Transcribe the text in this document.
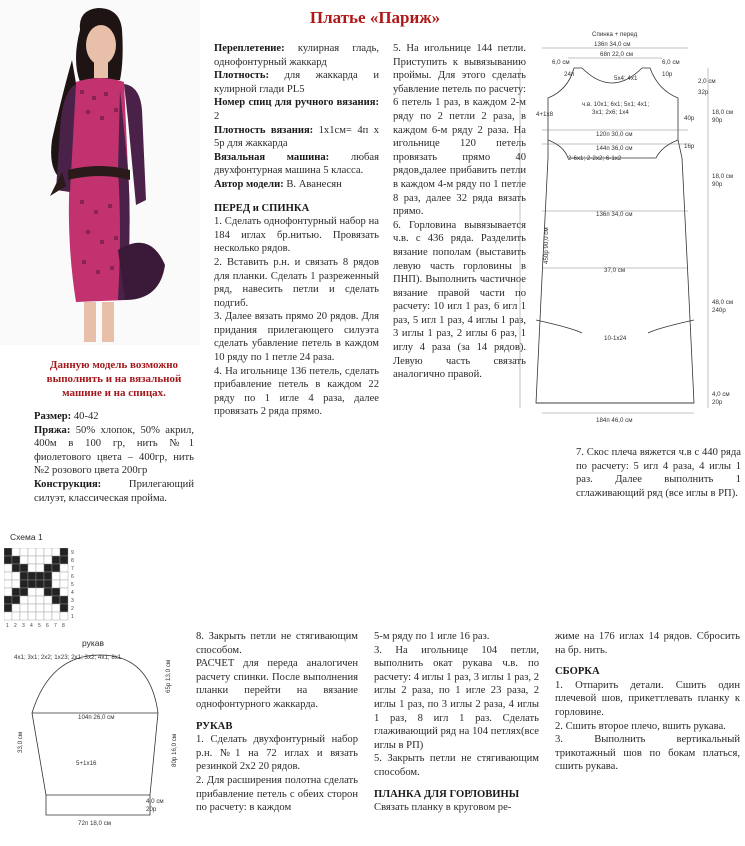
Платье «Париж»

Переплетение: кулирная гладь, однофонтурный жаккард

Плотность: для жаккарда и кулирной глади PL5

Номер спиц для ручного вязания: 2

Плотность вязания: 1х1см= 4п х 5р для жаккарда

Вязальная машина: любая двухфонтурная машина 5 класса.

Автор модели: В. Аванесян

ПЕРЕД и СПИНКА

1. Сделать однофонтурный набор на 184 иглах бр.нитью. Провязать несколько рядов.

2. Вставить р.н. и связать 8 рядов для планки. Сделать 1 разреженный ряд, навесить петли и сделать подгиб.

3. Далее вязать прямо 20 рядов. Для придания прилегающего силуэта сделать убавление петель в каждом 10 ряду по 1 петле 24 раза.

4. На игольнице 136 петель, сделать прибавление петель в каждом 22 ряду по 1 игле 4 раза, далее провязать 2 ряда прямо.

5. На игольнице 144 петли. Приступить к вывязыванию проймы. Для этого сделать убавление петель по расчету: 6 петель 1 раз, в каждом 2-м ряду по 2 петли 2 раза, в каждом 6-м ряду 2 раза. На игольнице 120 петель провязать прямо 40 рядов,далее прибавить петли в каждом 4-м ряду по 1 петле 8 раз, далее 32 ряда вязать прямо.

6. Горловина вывязывается ч.в. с 436 ряда. Разделить вязание пополам (выставить левую часть горловины в ПНП). Выполнить частичное вязание правой части по расчету: 10 игл 1 раз, 6 игл 1 раз, 5 игл 1 раз, 4 иглы 1 раз, 3 иглы 1 раз, 2 иглы 6 раз, 1 иглу 4 раза (за 14 рядов). Левую часть связать аналогично правой.

Данную модель возможно выполнить и на вязальной машине и на спицах.

Размер: 40-42

Пряжа: 50% хлопок, 50% акрил, 400м в 100 гр, нить №1 фиолетового цвета – 400гр, нить №2 розового цвета 200гр

Конструкция: Прилегающий силуэт, классическая пройма.

7. Скос плеча вяжется ч.в с 440 ряда по расчету: 5 игл 4 раза, 4 иглы 1 раз. Далее выполнить 1 сглаживающий ряд (все иглы в РП).
Спинка + перед
136п 34,0 см
68п 22,0 см
6,0 см	6,0 см
24п
5х4; 4х1
10р
2,0 см
32р
4+1х8
ч.в. 10х1; 6х1; 5х1; 4х1;
3х1; 2х6; 1х4	18,0 см
90р
40р
120п 30,0 см
144п 36,0 см	16р
2-6х1; 2-2х2; 6-1х2
18,0 см
90р
136п 34,0 см
450р 90,0 см
37,0 см
48,0 см
240р
10-1х24
4,0 см
20р
184п 46,0 см
Схема 1
9
8
7
6
5
4
3
2
1
1 2 3 4 5 6 7 8
рукав
4х1; 3х1; 2х2; 1х23; 2х1; 3х2; 4х1; 8х1
104п 26,0 см
65р 13,0 см
5+1х16	80р 16,0 см
4,0 см
20р
72п 18,0 см
33,0 см

8. Закрыть петли не стягивающим способом.

РАСЧЕТ для переда аналогичен расчету спинки. После выполнения планки перейти на вязание однофонтурного жаккарда.

РУКАВ

1. Сделать двухфонтурный набор р.н. №1 на 72 иглах и вязать резинкой 2х2 20 рядов.

2. Для расширения полотна сделать прибавление петель с обеих сторон по расчету: в каждом

5-м ряду по 1 игле 16 раз.

3. На игольнице 104 петли, выполнить окат рукава ч.в. по расчету: 4 иглы 1 раз, 3 иглы 1 раз, 2 иглы 2 раза, по 1 игле 23 раза, 2 иглы 1 раз, по 3 иглы 2 раза, 4 иглы 1 раз, 8 игл 1 раз. Сделать глаживающий ряд на 104 петлях(все иглы в РП)

5. Закрыть петли не стягивающим способом.

ПЛАНКА ДЛЯ ГОРЛОВИНЫ

Связать планку в круговом ре-

жиме на 176 иглах 14 рядов. Сбросить на бр. нить.

СБОРКА

1. Отпарить детали. Сшить один плечевой шов, прикеттлевать планку к горловине.

2. Сшить второе плечо, вшить рукава.

3. Выполнить вертикальный трикотажный шов по бокам платься, сшить рукава.
